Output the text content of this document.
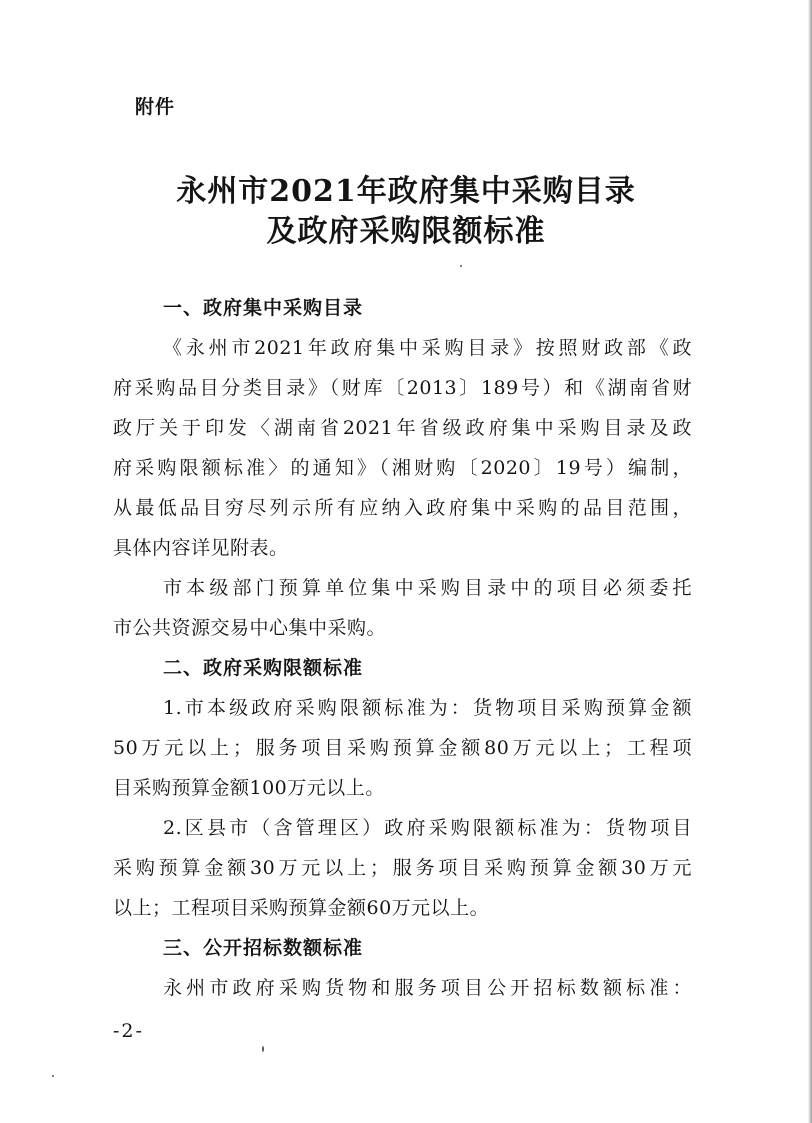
附件
永州市2021年政府集中采购目录
及政府采购限额标准
一、政府集中采购目录
《永州市2021年政府集中采购目录》按照财政部《政
府采购品目分类目录》（财库〔2013〕189号）和《湖南省财
政厅关于印发〈湖南省2021年省级政府集中采购目录及政
府采购限额标准〉的通知》（湘财购〔2020〕19号）编制，
从最低品目穷尽列示所有应纳入政府集中采购的品目范围，
具体内容详见附表。
市本级部门预算单位集中采购目录中的项目必须委托
市公共资源交易中心集中采购。
二、政府采购限额标准
1.市本级政府采购限额标准为：货物项目采购预算金额
50万元以上；服务项目采购预算金额80万元以上；工程项
目采购预算金额100万元以上。
2.区县市（含管理区）政府采购限额标准为：货物项目
采购预算金额30万元以上；服务项目采购预算金额30万元
以上；工程项目采购预算金额60万元以上。
三、公开招标数额标准
永州市政府采购货物和服务项目公开招标数额标准：
-2-
